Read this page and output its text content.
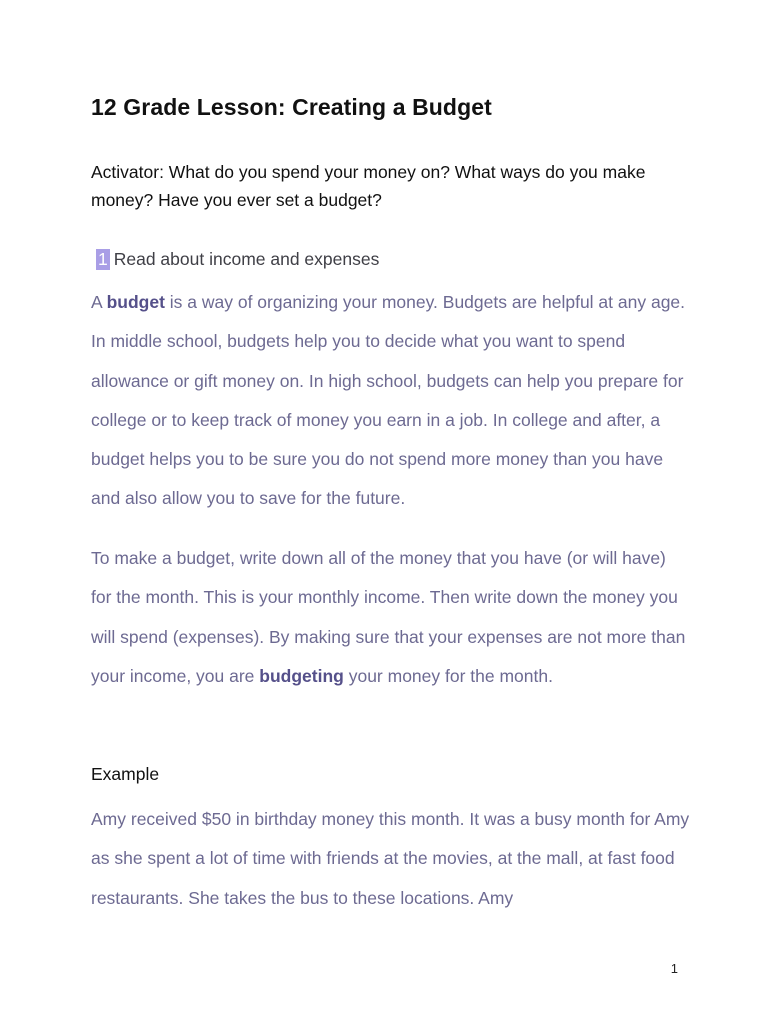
12 Grade Lesson: Creating a Budget

Activator: What do you spend your money on? What ways do you make money? Have you ever set a budget?

1 Read about income and expenses

A budget is a way of organizing your money. Budgets are helpful at any age. In middle school, budgets help you to decide what you want to spend allowance or gift money on. In high school, budgets can help you prepare for college or to keep track of money you earn in a job. In college and after, a budget helps you to be sure you do not spend more money than you have and also allow you to save for the future.

To make a budget, write down all of the money that you have (or will have) for the month. This is your monthly income. Then write down the money you will spend (expenses). By making sure that your expenses are not more than your income, you are budgeting your money for the month.

Example

Amy received $50 in birthday money this month. It was a busy month for Amy as she spent a lot of time with friends at the movies, at the mall, at fast food restaurants. She takes the bus to these locations. Amy

1
